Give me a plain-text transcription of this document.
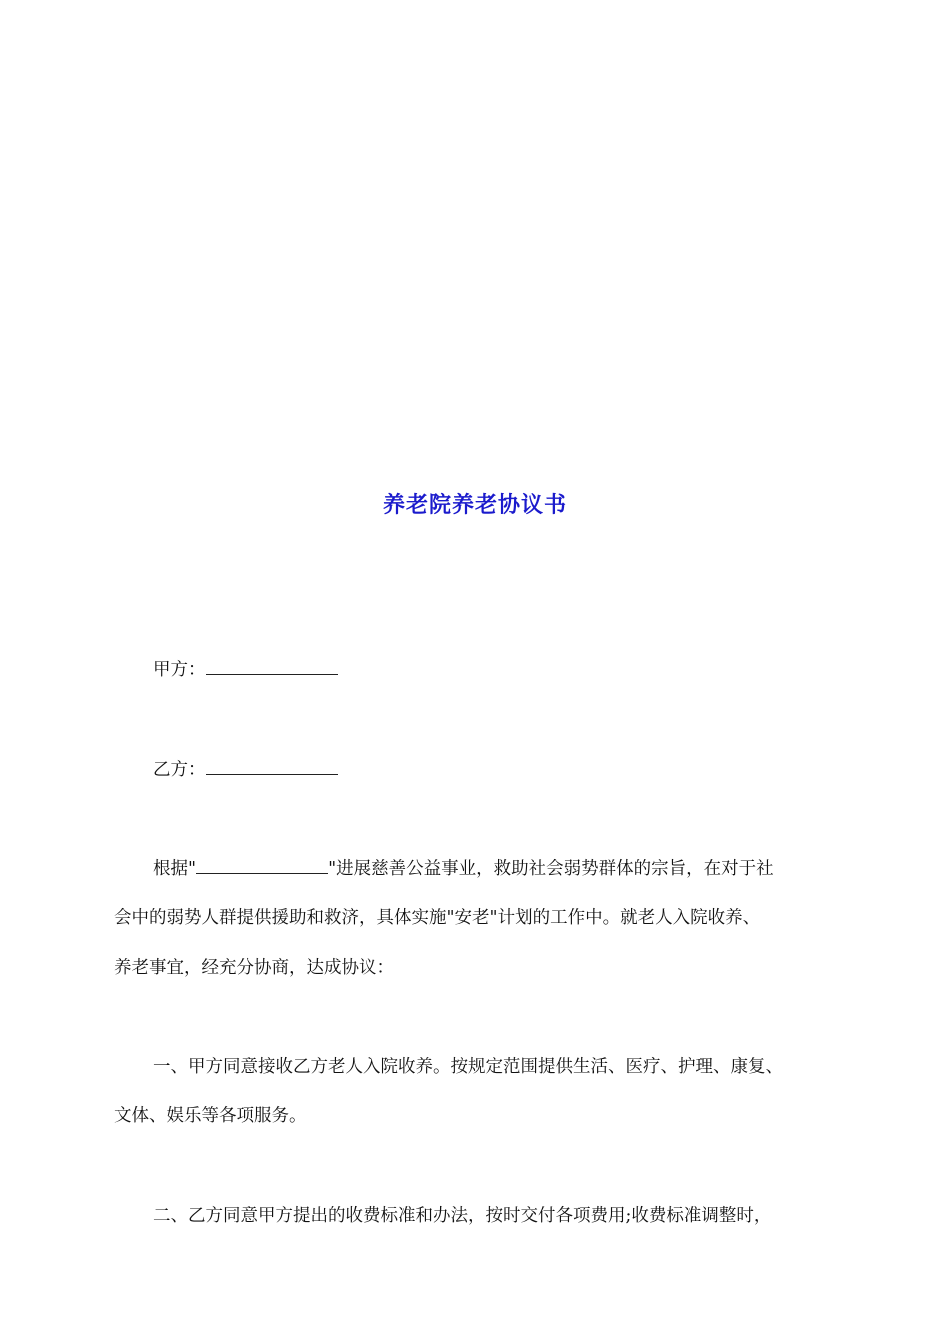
养老院养老协议书
甲方：
乙方：
根据"	"进展慈善公益事业，救助社会弱势群体的宗旨，在对于社
会中的弱势人群提供援助和救济，具体实施"安老"计划的工作中。就老人入院收养、
养老事宜，经充分协商，达成协议：
一、甲方同意接收乙方老人入院收养。按规定范围提供生活、医疗、护理、康复、
文体、娱乐等各项服务。
二、乙方同意甲方提出的收费标准和办法，按时交付各项费用;收费标准调整时，
